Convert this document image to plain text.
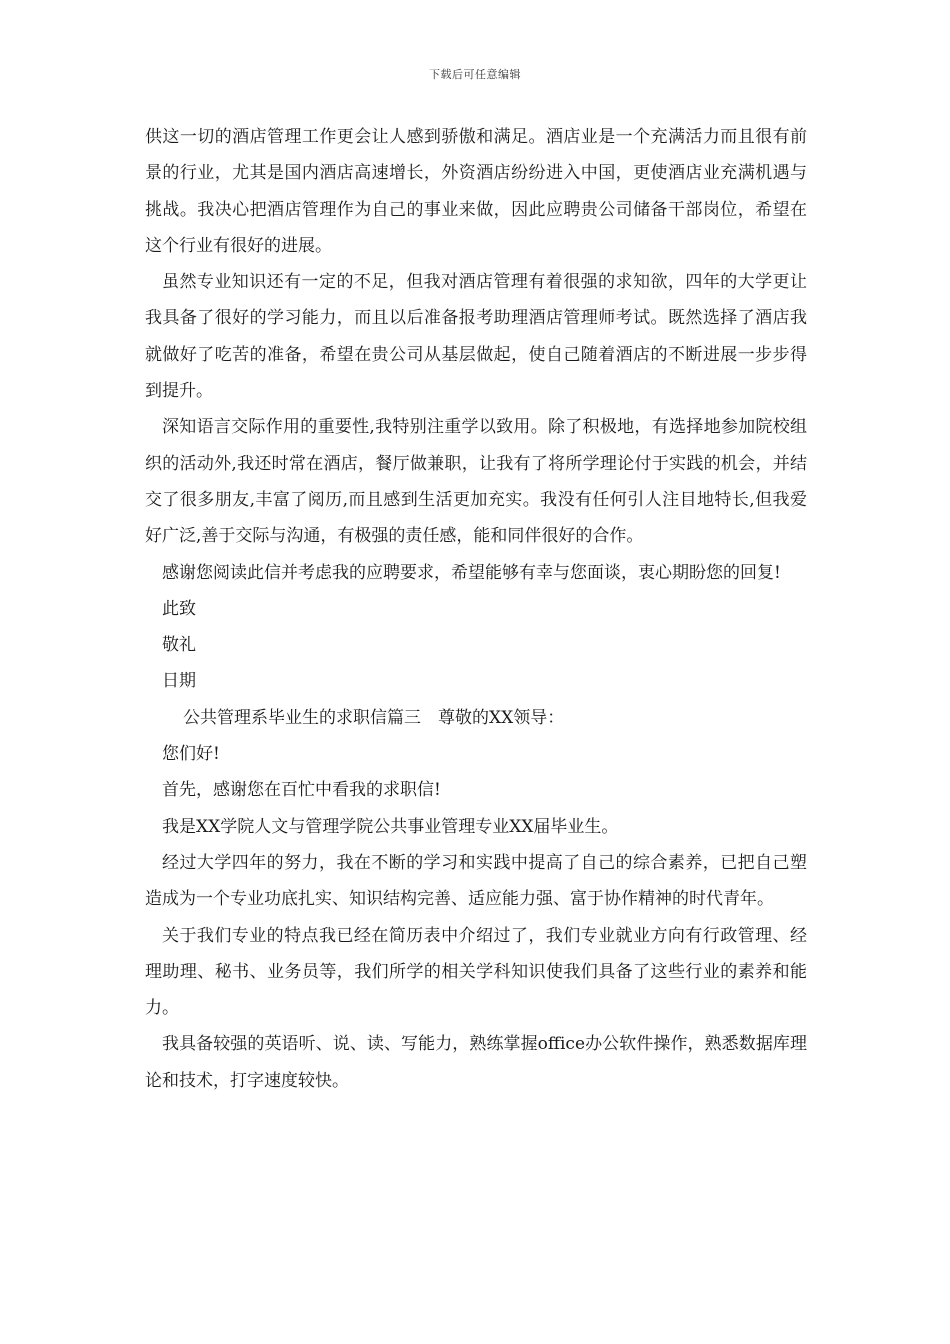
下载后可任意编辑

供这一切的酒店管理工作更会让人感到骄傲和满足。酒店业是一个充满活力而且很有前景的行业，尤其是国内酒店高速增长，外资酒店纷纷进入中国，更使酒店业充满机遇与挑战。我决心把酒店管理作为自己的事业来做，因此应聘贵公司储备干部岗位，希望在这个行业有很好的进展。

虽然专业知识还有一定的不足，但我对酒店管理有着很强的求知欲，四年的大学更让我具备了很好的学习能力，而且以后准备报考助理酒店管理师考试。既然选择了酒店我就做好了吃苦的准备，希望在贵公司从基层做起，使自己随着酒店的不断进展一步步得到提升。

深知语言交际作用的重要性,我特别注重学以致用。除了积极地，有选择地参加院校组织的活动外,我还时常在酒店，餐厅做兼职，让我有了将所学理论付于实践的机会，并结交了很多朋友,丰富了阅历,而且感到生活更加充实。我没有任何引人注目地特长,但我爱好广泛,善于交际与沟通，有极强的责任感，能和同伴很好的合作。

感谢您阅读此信并考虑我的应聘要求，希望能够有幸与您面谈，衷心期盼您的回复!

此致

敬礼

日期

公共管理系毕业生的求职信篇三　尊敬的XX领导：

您们好!

首先，感谢您在百忙中看我的求职信!

我是XX学院人文与管理学院公共事业管理专业XX届毕业生。

经过大学四年的努力，我在不断的学习和实践中提高了自己的综合素养，已把自己塑造成为一个专业功底扎实、知识结构完善、适应能力强、富于协作精神的时代青年。

关于我们专业的特点我已经在简历表中介绍过了，我们专业就业方向有行政管理、经理助理、秘书、业务员等，我们所学的相关学科知识使我们具备了这些行业的素养和能力。

我具备较强的英语听、说、读、写能力，熟练掌握office办公软件操作，熟悉数据库理论和技术，打字速度较快。
